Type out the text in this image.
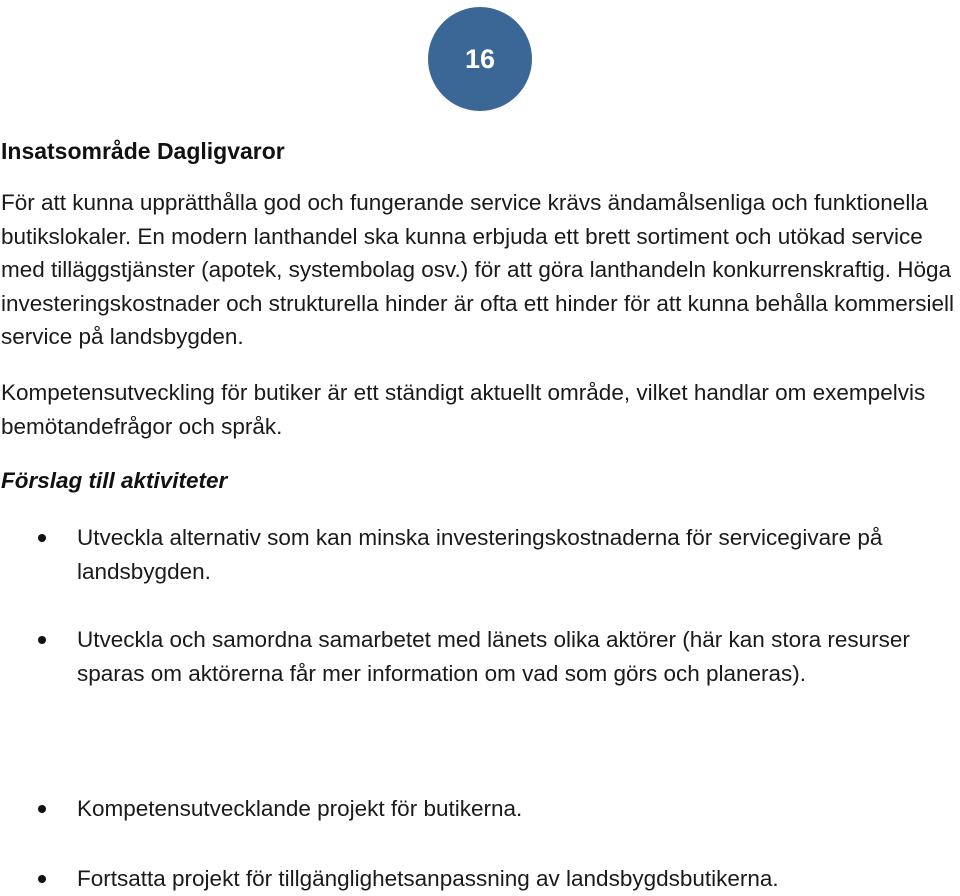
16
Insatsområde Dagligvaror

För att kunna upprätthålla god och fungerande service krävs ändamålsenliga och funktionella butikslokaler. En modern lanthandel ska kunna erbjuda ett brett sortiment och utökad service med tilläggstjänster (apotek, systembolag osv.) för att göra lanthandeln konkurrenskraftig. Höga investeringskostnader och strukturella hinder är ofta ett hinder för att kunna behålla kommersiell service på landsbygden.

Kompetensutveckling för butiker är ett ständigt aktuellt område, vilket handlar om exempelvis bemötandefrågor och språk.

Förslag till aktiviteter

Utveckla alternativ som kan minska investeringskostnaderna för servicegivare på landsbygden.

Utveckla och samordna samarbetet med länets olika aktörer (här kan stora resurser sparas om aktörerna får mer information om vad som görs och planeras).

Kompetensutvecklande projekt för butikerna.

Fortsatta projekt för tillgänglighetsanpassning av landsbygdsbutikerna.
